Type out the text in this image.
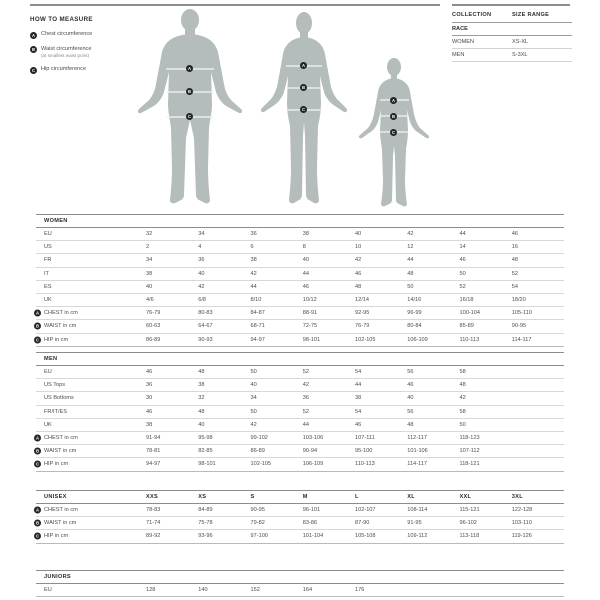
HOW TO MEASURE
A	Chest circumference
B	Waist circumference
(at smallest waist point)
C	Hip circumference	A
B
C
A
B
C
A
B
C
COLLECTION	SIZE RANGE
RACE
WOMEN	XS-XL
MEN	S-3XL
WOMEN
EU	32	34	36	38	40	42	44	46
US	2	4	6	8	10	12	14	16
FR	34	36	38	40	42	44	46	48
IT	38	40	42	44	46	48	50	52
ES	40	42	44	46	48	50	52	54
UK	4/6	6/8	8/10	10/12	12/14	14/16	16/18	18/20
A CHEST in cm	76-79	80-83	84-87	88-91	92-95	96-99	100-104	105-110
B WAIST in cm	60-63	64-67	68-71	72-75	76-79	80-84	85-89	90-95
C HIP in cm	86-89	90-93	94-97	98-101	102-105	106-109	110-113	114-117
MEN
EU	46	48	50	52	54	56	58
US Tops	36	38	40	42	44	46	48
US Bottoms	30	32	34	36	38	40	42
FR/IT/ES	46	48	50	52	54	56	58
UK	38	40	42	44	46	48	50
A CHEST in cm	91-94	95-98	99-102	103-106	107-111	112-117	118-123
B WAIST in cm	78-81	82-85	86-89	90-94	95-100	101-106	107-112
C HIP in cm	94-97	98-101	102-105	106-109	110-113	114-117	118-121
UNISEX	XXS	XS	S	M	L	XL	XXL	3XL
A CHEST in cm	78-83	84-89	90-95	96-101	102-107	108-114	115-121	122-128
B WAIST in cm	71-74	75-78	79-82	83-86	87-90	91-95	96-102	103-110
C HIP in cm	89-92	93-96	97-100	101-104	105-108	109-112	113-118	119-126
JUNIORS
EU	128	140	152	164	176
